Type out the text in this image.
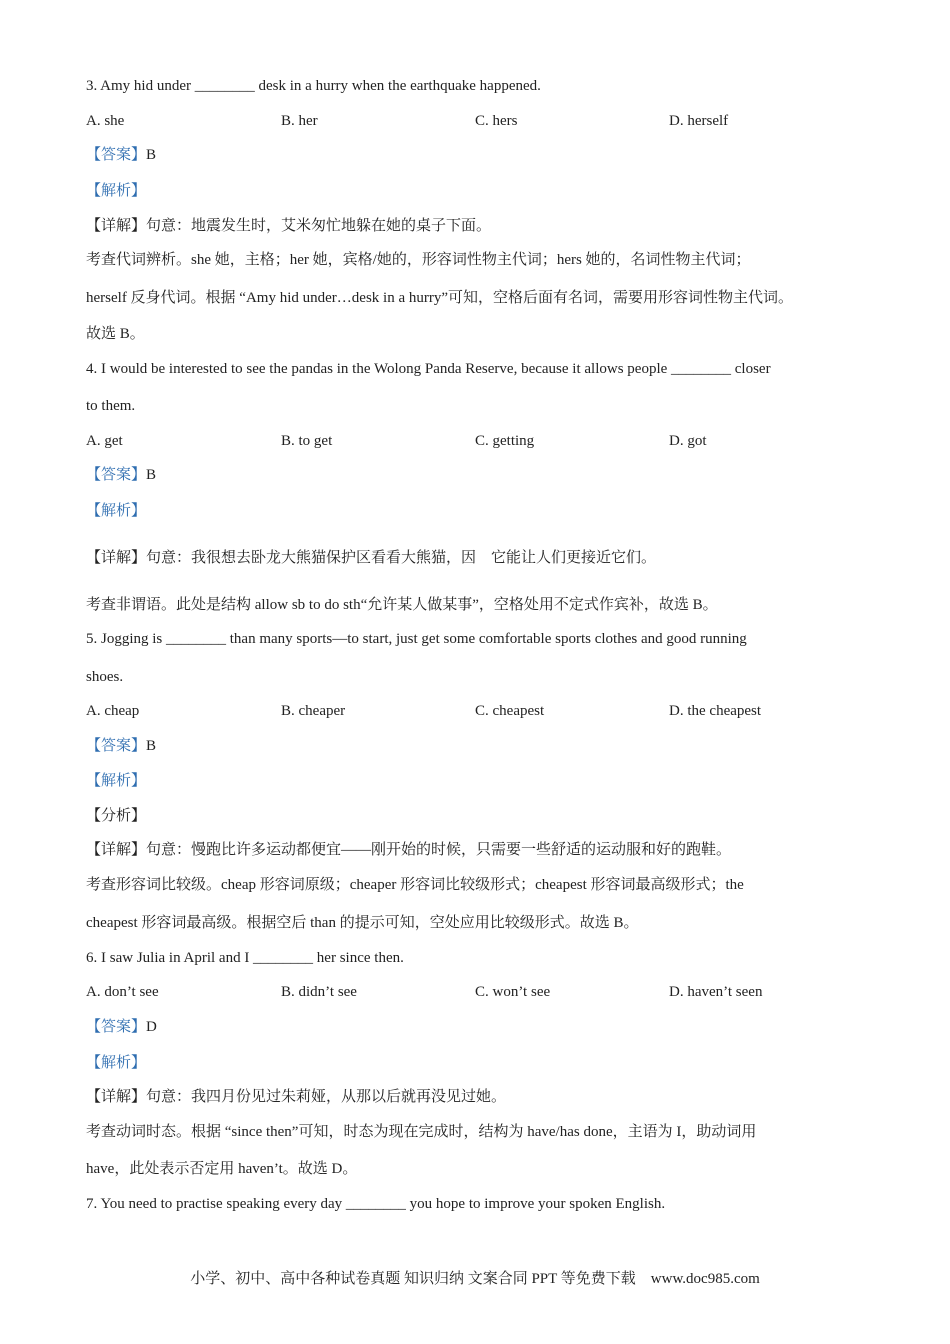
3. Amy hid under ________ desk in a hurry when the earthquake happened.
A. she	B. her	C. hers	D. herself
【答案】B
【解析】
【详解】句意：地震发生时，艾米匆忙地躲在她的桌子下面。
考查代词辨析。she 她，主格；her 她，宾格/她的，形容词性物主代词；hers 她的，名词性物主代词；
herself 反身代词。根据 “Amy hid under…desk in a hurry”可知，空格后面有名词，需要用形容词性物主代词。
故选 B。
4. I would be interested to see the pandas in the Wolong Panda Reserve, because it allows people ________ closer
to them.
A. get	B. to get	C. getting	D. got
【答案】B
【解析】
【详解】句意：我很想去卧龙大熊猫保护区看看大熊猫，因　它能让人们更接近它们。
考查非谓语。此处是结构 allow sb to do sth“允许某人做某事”，空格处用不定式作宾补，故选 B。
5. Jogging is ________ than many sports—to start, just get some comfortable sports clothes and good running
shoes.
A. cheap	B. cheaper	C. cheapest	D. the cheapest
【答案】B
【解析】
【分析】
【详解】句意：慢跑比许多运动都便宜——刚开始的时候，只需要一些舒适的运动服和好的跑鞋。
考查形容词比较级。cheap 形容词原级；cheaper 形容词比较级形式；cheapest 形容词最高级形式；the
cheapest 形容词最高级。根据空后 than 的提示可知，空处应用比较级形式。故选 B。
6. I saw Julia in April and I ________ her since then.
A. don’t see	B. didn’t see	C. won’t see	D. haven’t seen
【答案】D
【解析】
【详解】句意：我四月份见过朱莉娅，从那以后就再没见过她。
考查动词时态。根据 “since then”可知，时态为现在完成时，结构为 have/has done，主语为 I，助动词用
have，此处表示否定用 haven’t。故选 D。
7. You need to practise speaking every day ________ you hope to improve your spoken English.
小学、初中、高中各种试卷真题 知识归纳 文案合同 PPT 等免费下载　www.doc985.com
